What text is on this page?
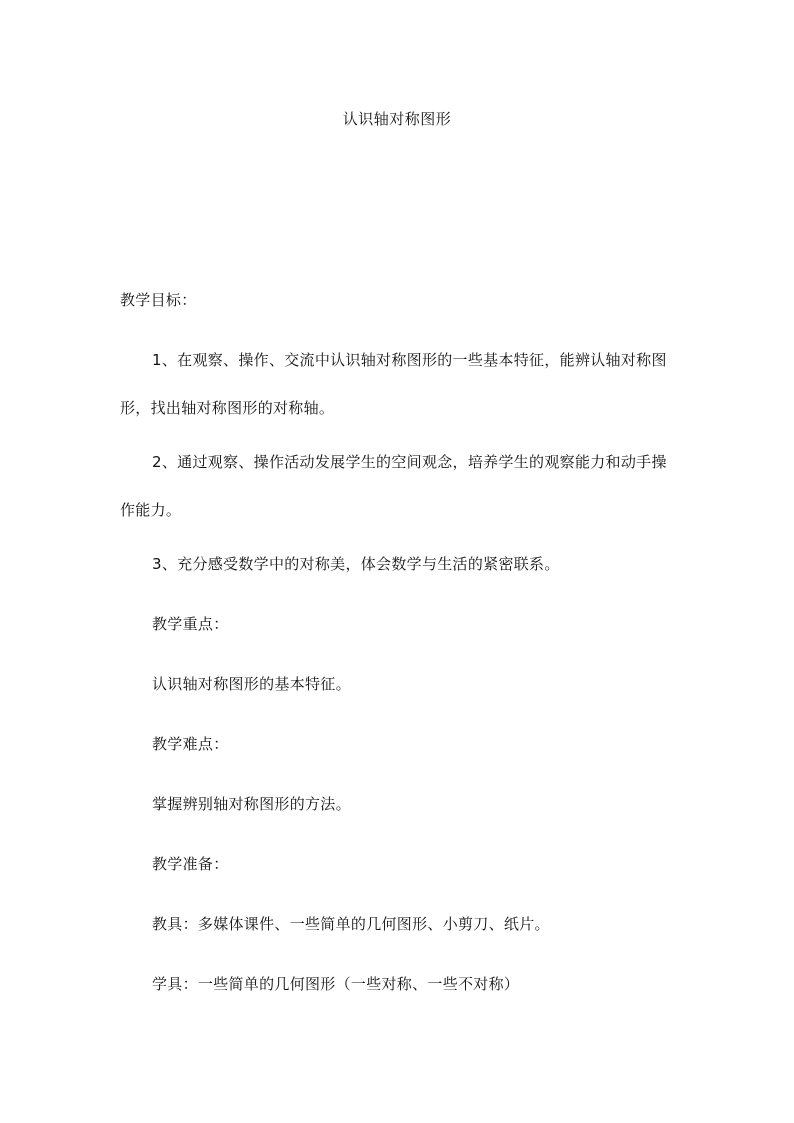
认识轴对称图形
教学目标：
1、在观察、操作、交流中认识轴对称图形的一些基本特征，能辨认轴对称图形，找出轴对称图形的对称轴。
2、通过观察、操作活动发展学生的空间观念，培养学生的观察能力和动手操作能力。
3、充分感受数学中的对称美，体会数学与生活的紧密联系。
教学重点：
认识轴对称图形的基本特征。
教学难点：
掌握辨别轴对称图形的方法。
教学准备：
教具：多媒体课件、一些简单的几何图形、小剪刀、纸片。
学具：一些简单的几何图形（一些对称、一些不对称）
